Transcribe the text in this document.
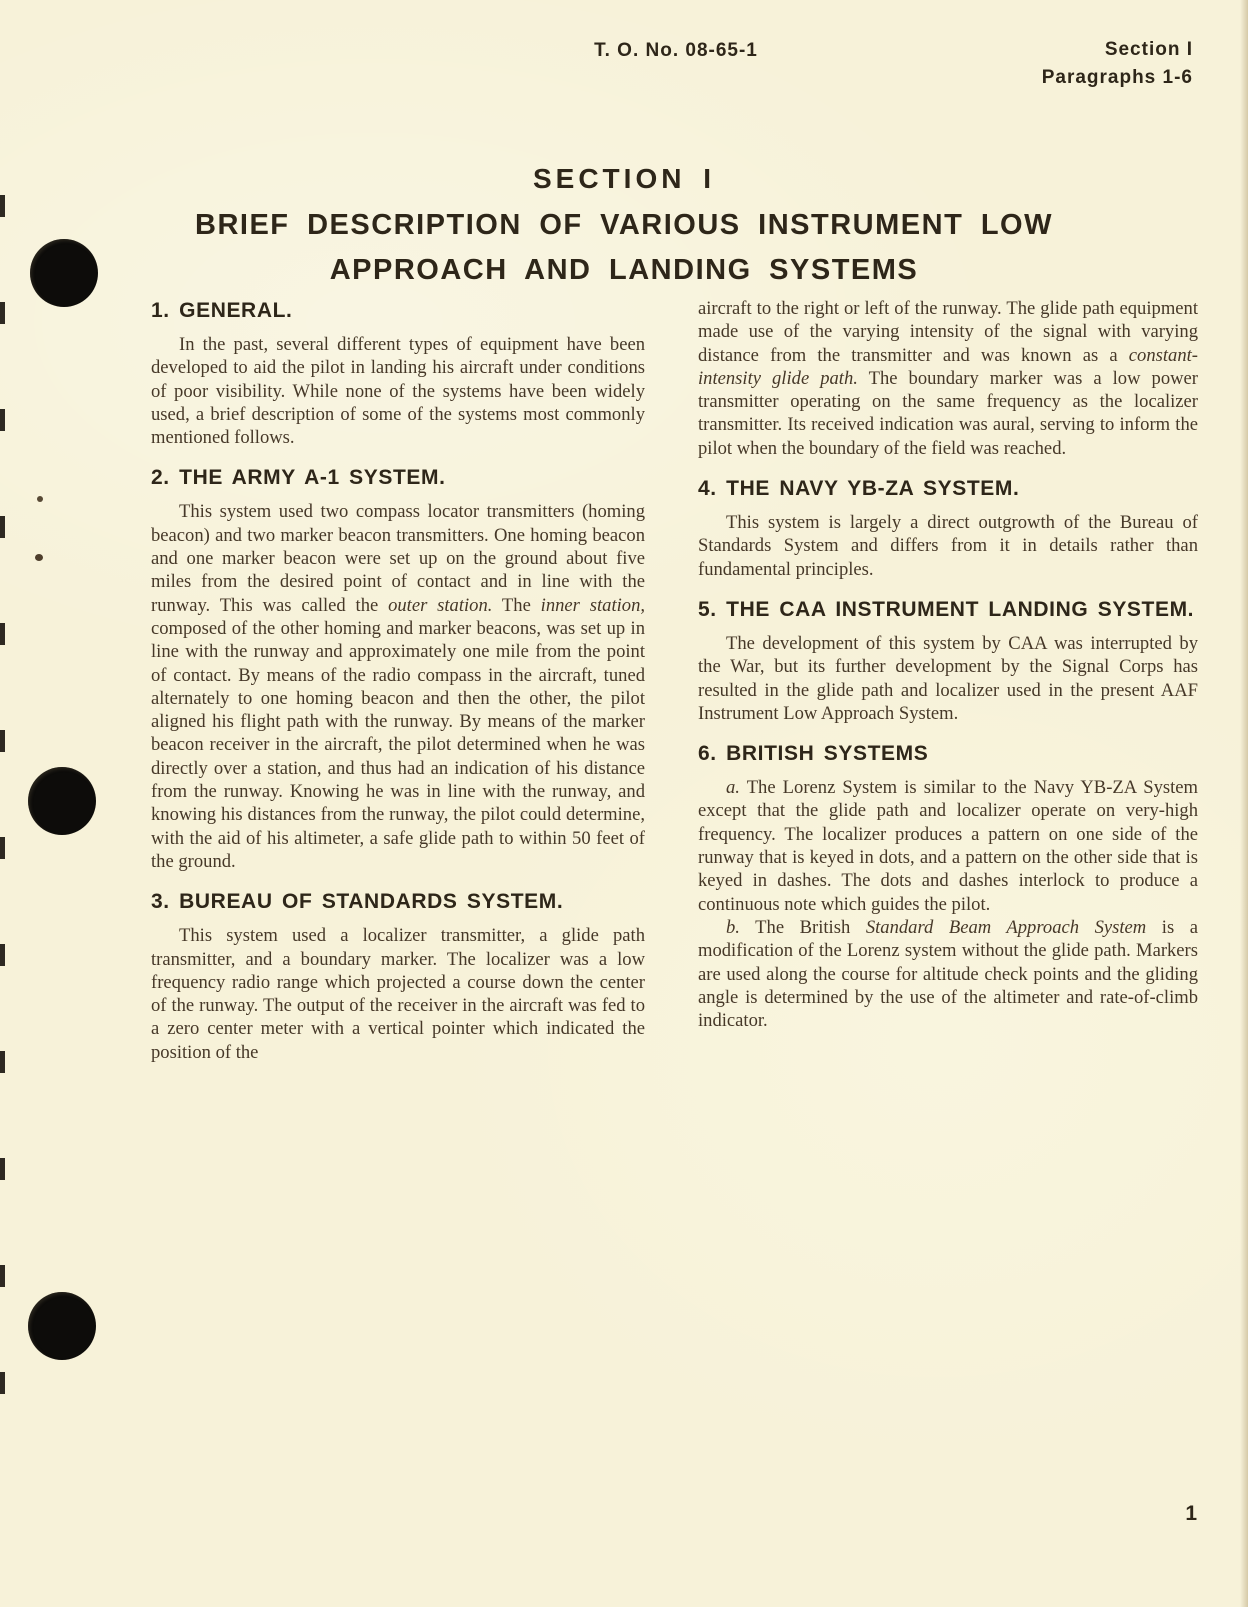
T. O. No. 08-65-1	Section I
Paragraphs 1-6
SECTION I
BRIEF DESCRIPTION OF VARIOUS INSTRUMENT LOW
APPROACH AND LANDING SYSTEMS
1. GENERAL.

In the past, several different types of equipment have been developed to aid the pilot in landing his aircraft under conditions of poor visibility. While none of the systems have been widely used, a brief description of some of the systems most commonly mentioned follows.

2. THE ARMY A-1 SYSTEM.

This system used two compass locator transmitters (homing beacon) and two marker beacon transmitters. One homing beacon and one marker beacon were set up on the ground about five miles from the desired point of contact and in line with the runway. This was called the outer station. The inner station, composed of the other homing and marker beacons, was set up in line with the runway and approximately one mile from the point of contact. By means of the radio compass in the aircraft, tuned alternately to one homing beacon and then the other, the pilot aligned his flight path with the runway. By means of the marker beacon receiver in the aircraft, the pilot determined when he was directly over a station, and thus had an indication of his distance from the runway. Knowing he was in line with the runway, and knowing his distances from the runway, the pilot could determine, with the aid of his altimeter, a safe glide path to within 50 feet of the ground.

3. BUREAU OF STANDARDS SYSTEM.

This system used a localizer transmitter, a glide path transmitter, and a boundary marker. The localizer was a low frequency radio range which projected a course down the center of the runway. The output of the receiver in the aircraft was fed to a zero center meter with a vertical pointer which indicated the position of the

aircraft to the right or left of the runway. The glide path equipment made use of the varying intensity of the signal with varying distance from the transmitter and was known as a constant-intensity glide path. The boundary marker was a low power transmitter operating on the same frequency as the localizer transmitter. Its received indication was aural, serving to inform the pilot when the boundary of the field was reached.

4. THE NAVY YB-ZA SYSTEM.

This system is largely a direct outgrowth of the Bureau of Standards System and differs from it in details rather than fundamental principles.

5. THE CAA INSTRUMENT LANDING SYSTEM.

The development of this system by CAA was interrupted by the War, but its further development by the Signal Corps has resulted in the glide path and localizer used in the present AAF Instrument Low Approach System.

6. BRITISH SYSTEMS

a. The Lorenz System is similar to the Navy YB-ZA System except that the glide path and localizer operate on very-high frequency. The localizer produces a pattern on one side of the runway that is keyed in dots, and a pattern on the other side that is keyed in dashes. The dots and dashes interlock to produce a continuous note which guides the pilot.

b. The British Standard Beam Approach System is a modification of the Lorenz system without the glide path. Markers are used along the course for altitude check points and the gliding angle is determined by the use of the altimeter and rate-of-climb indicator.

1
